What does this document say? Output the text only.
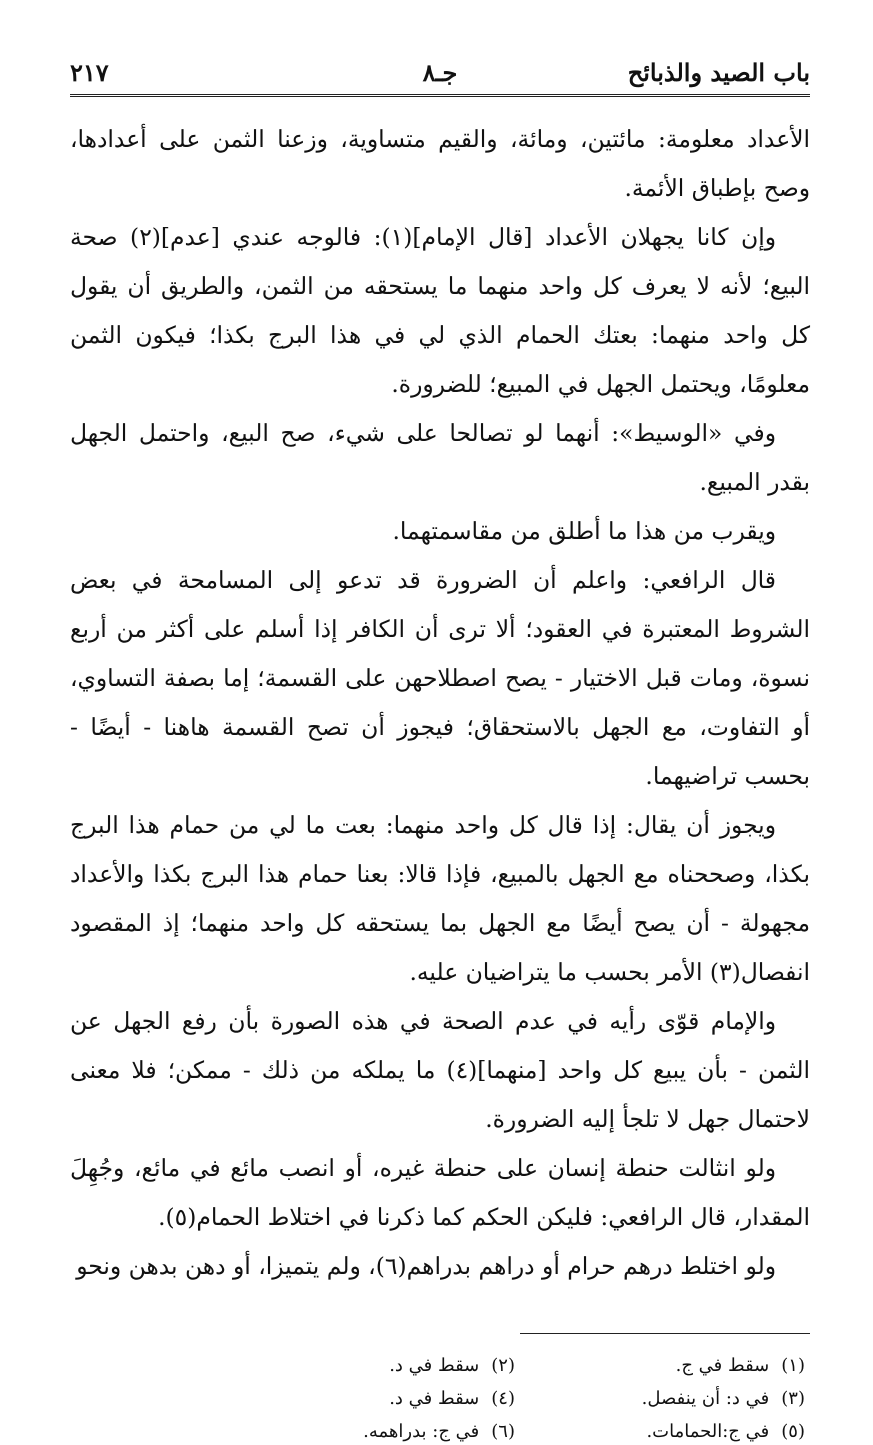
باب الصيد والذبائح
جـ٨
٢١٧

الأعداد معلومة: مائتين، ومائة، والقيم متساوية، وزعنا الثمن على أعدادها، وصح بإطباق الأئمة.

وإن كانا يجهلان الأعداد [قال الإمام](١): فالوجه عندي [عدم](٢) صحة البيع؛ لأنه لا يعرف كل واحد منهما ما يستحقه من الثمن، والطريق أن يقول كل واحد منهما: بعتك الحمام الذي لي في هذا البرج بكذا؛ فيكون الثمن معلومًا، ويحتمل الجهل في المبيع؛ للضرورة.

وفي «الوسيط»: أنهما لو تصالحا على شيء، صح البيع، واحتمل الجهل بقدر المبيع.

ويقرب من هذا ما أطلق من مقاسمتهما.

قال الرافعي: واعلم أن الضرورة قد تدعو إلى المسامحة في بعض الشروط المعتبرة في العقود؛ ألا ترى أن الكافر إذا أسلم على أكثر من أربع نسوة، ومات قبل الاختيار - يصح اصطلاحهن على القسمة؛ إما بصفة التساوي، أو التفاوت، مع الجهل بالاستحقاق؛ فيجوز أن تصح القسمة هاهنا - أيضًا - بحسب تراضيهما.

ويجوز أن يقال: إذا قال كل واحد منهما: بعت ما لي من حمام هذا البرج بكذا، وصححناه مع الجهل بالمبيع، فإذا قالا: بعنا حمام هذا البرج بكذا والأعداد مجهولة - أن يصح أيضًا مع الجهل بما يستحقه كل واحد منهما؛ إذ المقصود انفصال(٣) الأمر بحسب ما يتراضيان عليه.

والإمام قوّى رأيه في عدم الصحة في هذه الصورة بأن رفع الجهل عن الثمن - بأن يبيع كل واحد [منهما](٤) ما يملكه من ذلك - ممكن؛ فلا معنى لاحتمال جهل لا تلجأ إليه الضرورة.

ولو انثالت حنطة إنسان على حنطة غيره، أو انصب مائع في مائع، وجُهِلَ المقدار، قال الرافعي: فليكن الحكم كما ذكرنا في اختلاط الحمام(٥).

ولو اختلط درهم حرام أو دراهم بدراهم(٦)، ولم يتميزا، أو دهن بدهن ونحو

(١)سقط في ج.
(٢)سقط في د.
(٣)في د: أن ينفصل.
(٤)سقط في د.
(٥)في ج:الحمامات.
(٦)في ج: بدراهمه.
